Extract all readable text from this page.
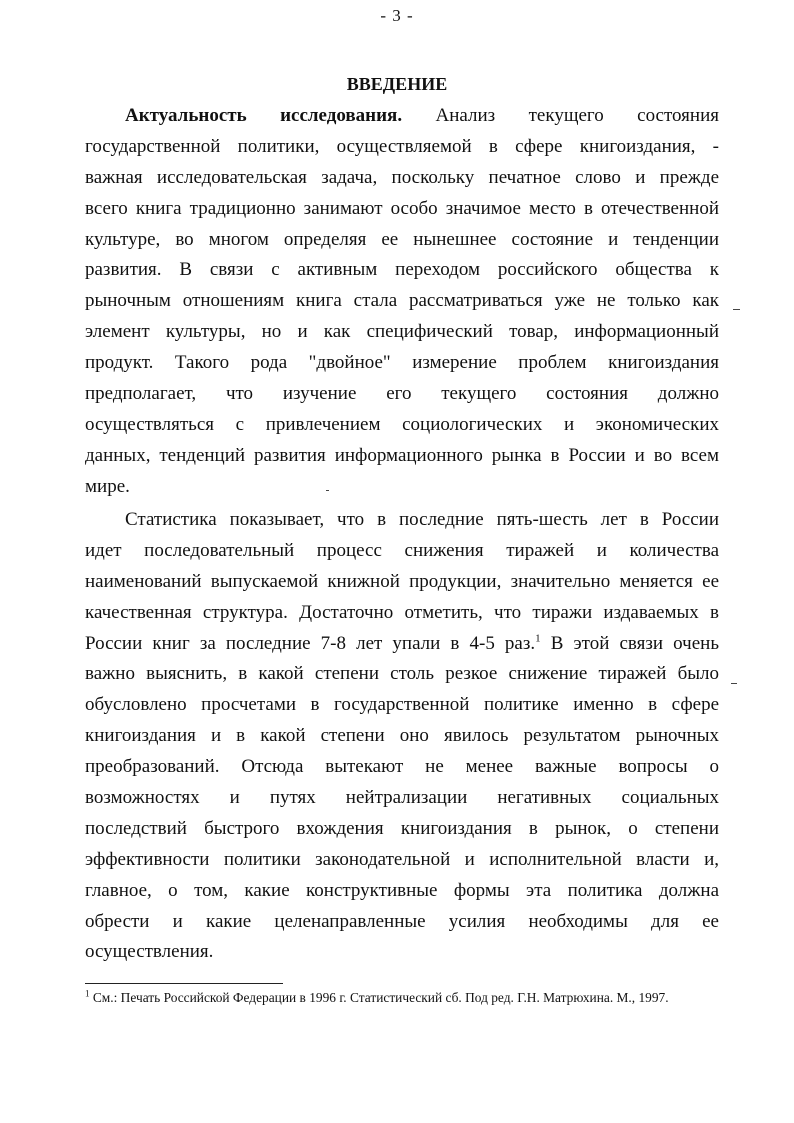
- 3 -
ВВЕДЕНИЕ
Актуальность исследования. Анализ текущего состояния
государственной политики, осуществляемой в сфере книгоиздания, -
важная исследовательская задача, поскольку печатное слово и прежде
всего книга традиционно занимают особо значимое место в отечественной
культуре, во многом определяя ее нынешнее состояние и тенденции
развития. В связи с активным переходом российского общества к
рыночным отношениям книга стала рассматриваться уже не только как
элемент культуры, но и как специфический товар, информационный
продукт. Такого рода "двойное" измерение проблем книгоиздания
предполагает, что изучение его текущего состояния должно
осуществляться с привлечением социологических и экономических
данных, тенденций развития информационного рынка в России и во всем
мире.
Статистика показывает, что в последние пять-шесть лет в России
идет последовательный процесс снижения тиражей и количества
наименований выпускаемой книжной продукции, значительно меняется ее
качественная структура. Достаточно отметить, что тиражи издаваемых в
России книг за последние 7-8 лет упали в 4-5 раз.$^1$ В этой связи очень
важно выяснить, в какой степени столь резкое снижение тиражей было
обусловлено просчетами в государственной политике именно в сфере
книгоиздания и в какой степени оно явилось результатом рыночных
преобразований. Отсюда вытекают не менее важные вопросы о
возможностях и путях нейтрализации негативных социальных
последствий быстрого вхождения книгоиздания в рынок, о степени
эффективности политики законодательной и исполнительной власти и,
главное, о том, какие конструктивные формы эта политика должна
обрести и какие целенаправленные усилия необходимы для ее
осуществления.
$^1$ См.: Печать Российской Федерации в 1996 г. Статистический сб. Под ред. Г.Н. Матрюхина. М., 1997.
